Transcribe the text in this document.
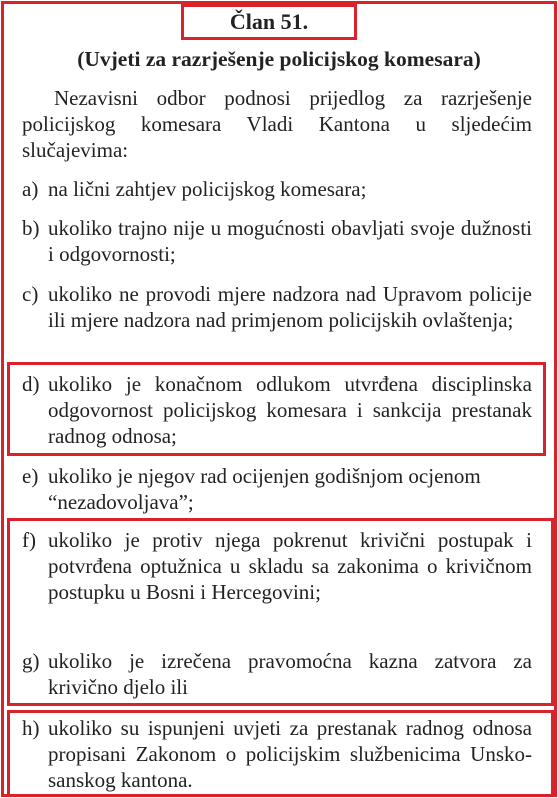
Član 51.
(Uvjeti za razrješenje policijskog komesara)
Nezavisni odbor podnosi prijedlog za razrješenje policijskog komesara Vladi Kantona u sljedećim slučajevima:
a) na lični zahtjev policijskog komesara;
b) ukoliko trajno nije u mogućnosti obavljati svoje dužnosti i odgovornosti;
c) ukoliko ne provodi mjere nadzora nad Upravom policije ili mjere nadzora nad primjenom policijskih ovlaštenja;
d) ukoliko je konačnom odlukom utvrđena disciplinska odgovornost policijskog komesara i sankcija prestanak radnog odnosa;
e) ukoliko je njegov rad ocijenjen godišnjom ocjenom “nezadovoljava”;
f) ukoliko je protiv njega pokrenut krivični postupak i potvrđena optužnica u skladu sa zakonima o krivičnom postupku u Bosni i Hercegovini;
g) ukoliko je izrečena pravomoćna kazna zatvora za krivično djelo ili
h) ukoliko su ispunjeni uvjeti za prestanak radnog odnosa propisani Zakonom o policijskim službenicima Unsko-sanskog kantona.
